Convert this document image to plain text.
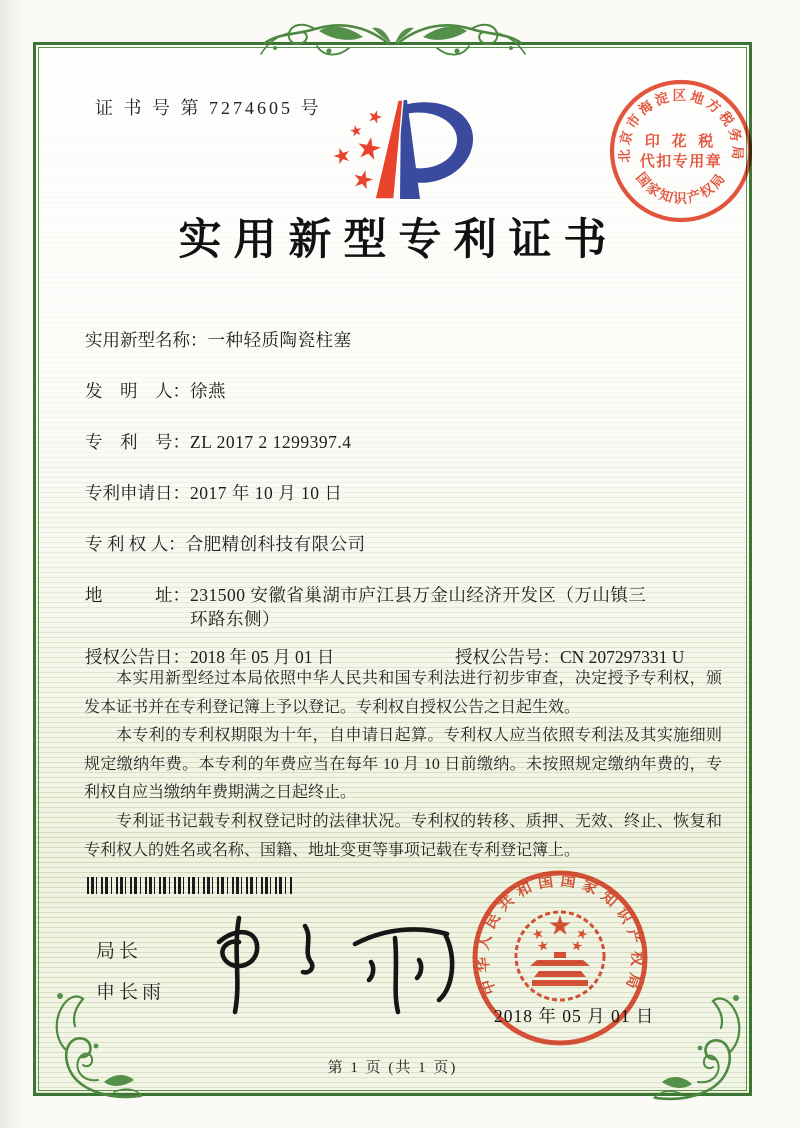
证 书 号 第 7274605 号
北京市海淀区地方税务局
印 花 税
代扣专用章
国家知识产权局
实用新型专利证书
实用新型名称： 一种轻质陶瓷柱塞
发　明　人： 徐燕
专　利　号： ZL 2017 2 1299397.4
专利申请日： 2017 年 10 月 10 日
专 利 权 人： 合肥精创科技有限公司
地　　　址： 231500 安徽省巢湖市庐江县万金山经济开发区（万山镇三环路东侧）
授权公告日：2018 年 05 月 01 日	授权公告号：CN 207297331 U

本实用新型经过本局依照中华人民共和国专利法进行初步审查，决定授予专利权，颁发本证书并在专利登记簿上予以登记。专利权自授权公告之日起生效。

本专利的专利权期限为十年，自申请日起算。专利权人应当依照专利法及其实施细则规定缴纳年费。本专利的年费应当在每年 10 月 10 日前缴纳。未按照规定缴纳年费的，专利权自应当缴纳年费期满之日起终止。

专利证书记载专利权登记时的法律状况。专利权的转移、质押、无效、终止、恢复和专利权人的姓名或名称、国籍、地址变更等事项记载在专利登记簿上。

局长
申长雨	中华人民共和国国家知识产权局
2018 年 05 月 01 日
第 1 页 (共 1 页)
